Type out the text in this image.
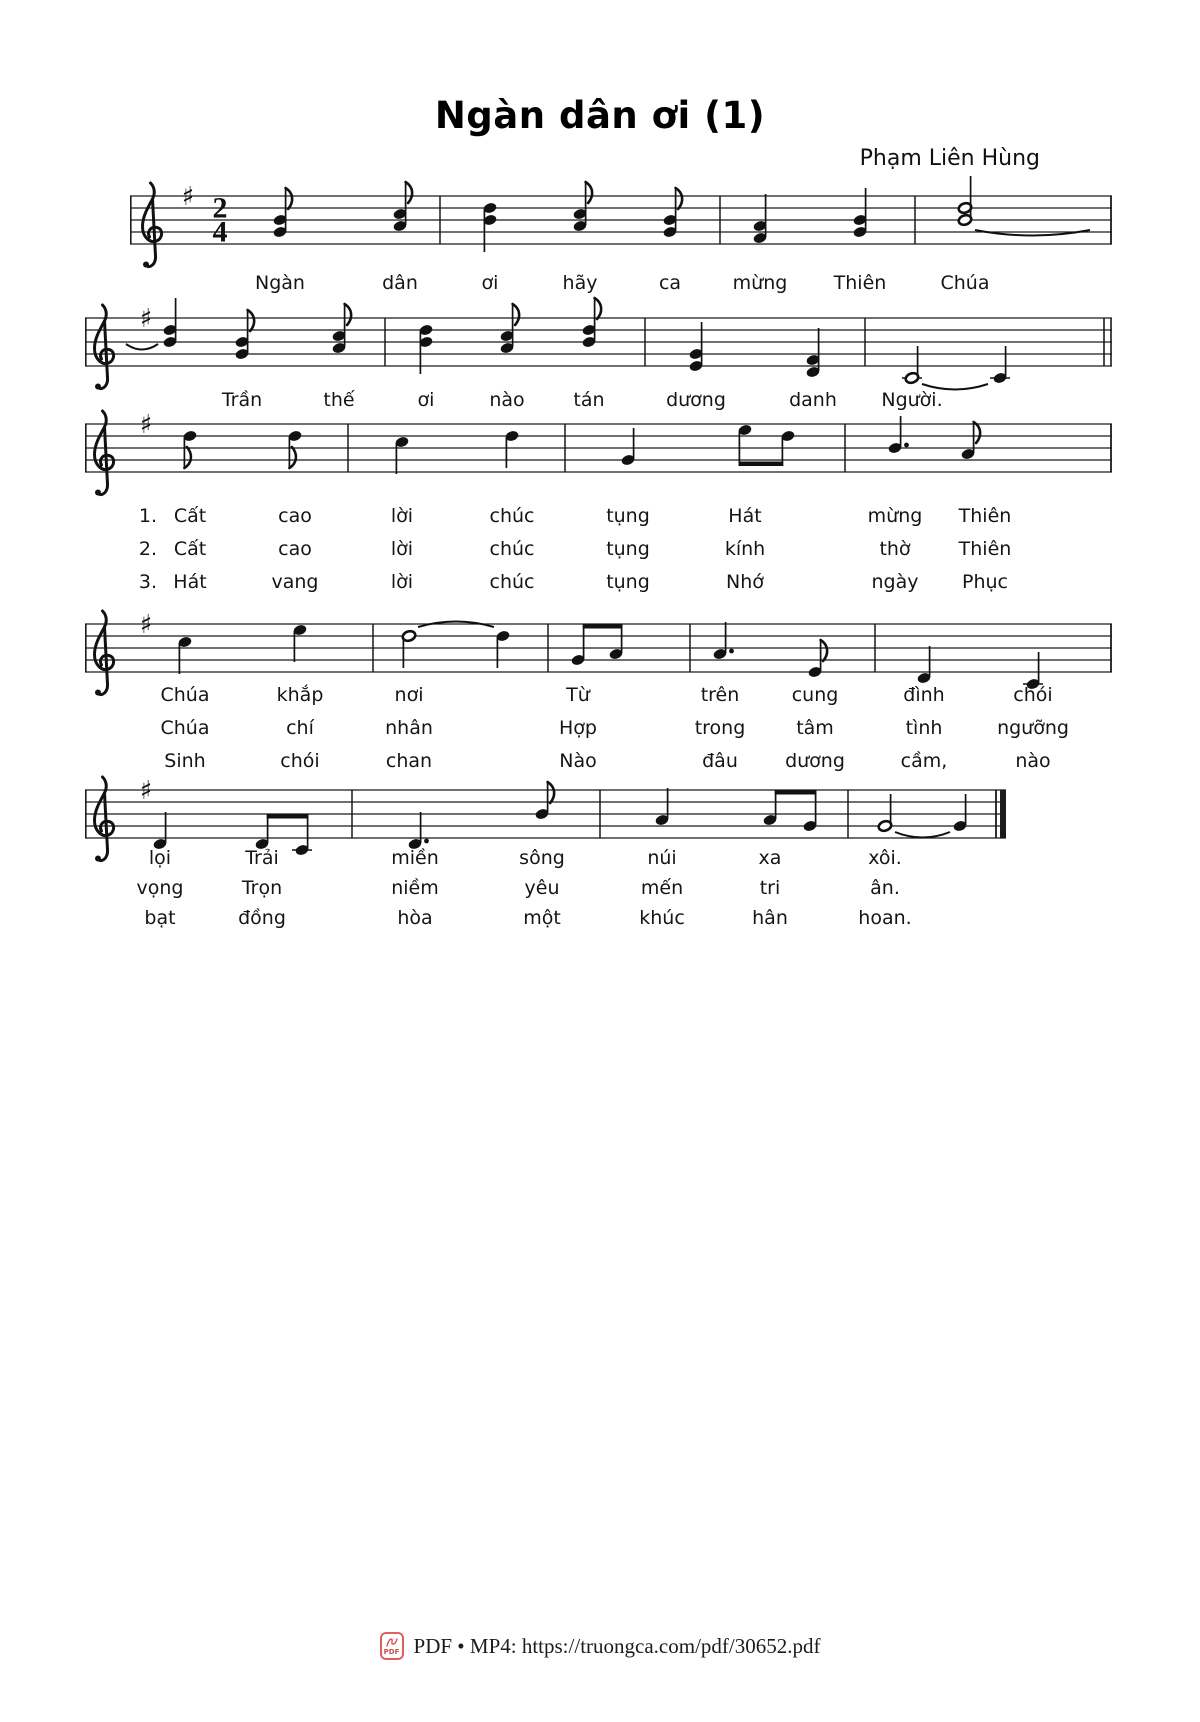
Ngàn dân ơi (1)
Phạm Liên Hùng
♯ 2
4
♯
♯
♯
♯
Ngàn	dân	ơi	hãy	ca	mừng Thiên	Chúa
Trần	thế	ơi	nào	tán	dương	danh Người.
1. Cất	cao	lời	chúc	tụng	Hát	mừng Thiên
2. Cất	cao	lời	chúc	tụng	kính	thờ	Thiên
3. Hát	vang	lời	chúc	tụng	Nhớ	ngày Phục
Chúa	khắp	nơi	Từ	trên	cung	đình	chói
Chúa	chí	nhân	Hợp	trong	tâm	tình	ngưỡng
Sinh	chói	chan	Nào	đâu dương	cầm,	nào
lọi	Trải	miền	sông	núi	xa	xôi.
vọng	Trọn	niềm	yêu	mến	tri	ân.
bạt	đồng	hòa	một	khúc	hân	hoan.
PDF PDF • MP4: https://truongca.com/pdf/30652.pdf
